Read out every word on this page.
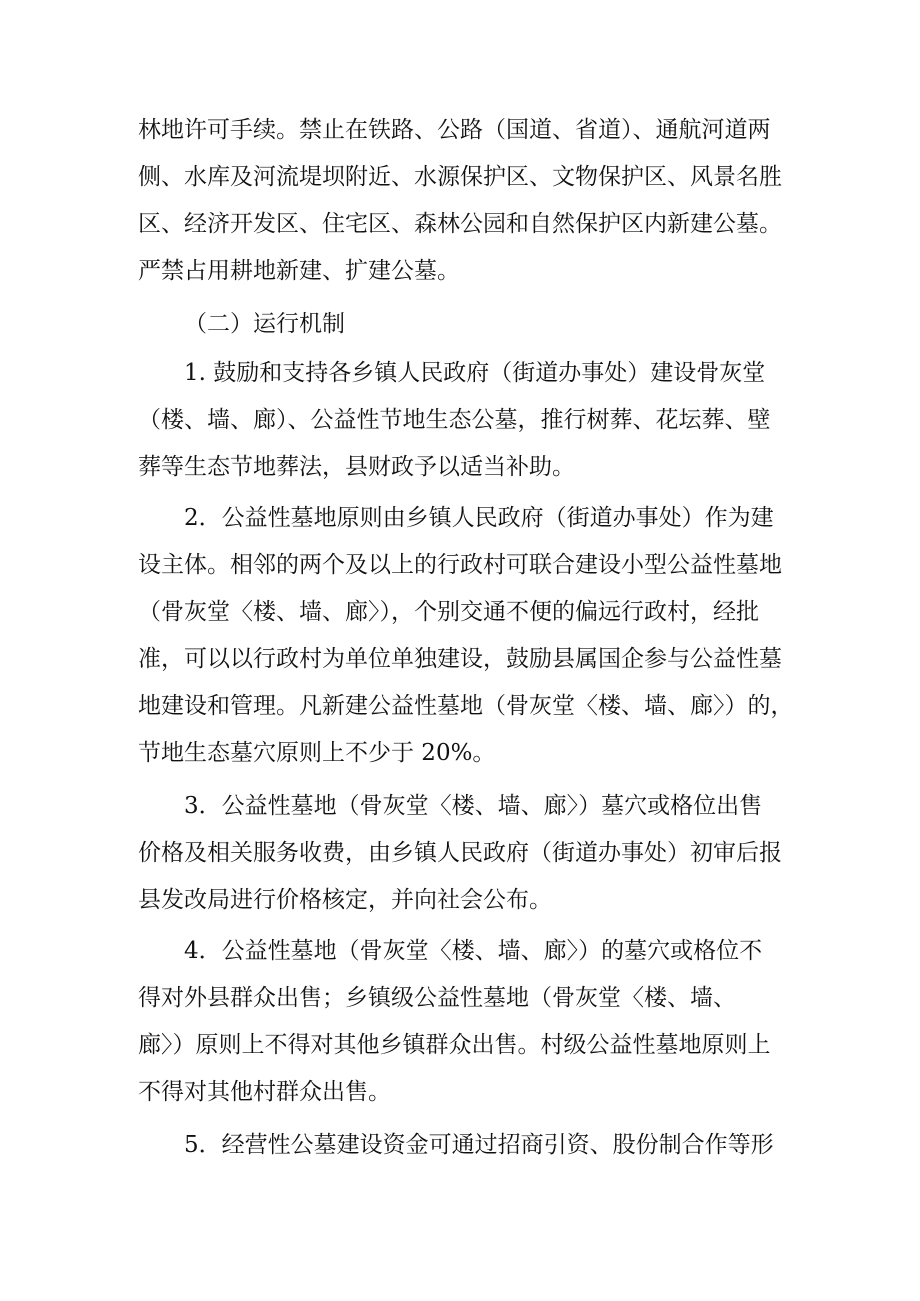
林地许可手续。禁止在铁路、公路（国道、省道）、通航河道两
侧、水库及河流堤坝附近、水源保护区、文物保护区、风景名胜
区、经济开发区、住宅区、森林公园和自然保护区内新建公墓。
严禁占用耕地新建、扩建公墓。
（二）运行机制
1. 鼓励和支持各乡镇人民政府（街道办事处）建设骨灰堂
（楼、墙、廊）、公益性节地生态公墓，推行树葬、花坛葬、壁
葬等生态节地葬法，县财政予以适当补助。
2．公益性墓地原则由乡镇人民政府（街道办事处）作为建
设主体。相邻的两个及以上的行政村可联合建设小型公益性墓地
（骨灰堂〈楼、墙、廊〉），个别交通不便的偏远行政村，经批
准，可以以行政村为单位单独建设，鼓励县属国企参与公益性墓
地建设和管理。凡新建公益性墓地（骨灰堂〈楼、墙、廊〉）的，
节地生态墓穴原则上不少于 20%。
3．公益性墓地（骨灰堂〈楼、墙、廊〉）墓穴或格位出售
价格及相关服务收费，由乡镇人民政府（街道办事处）初审后报
县发改局进行价格核定，并向社会公布。
4．公益性墓地（骨灰堂〈楼、墙、廊〉）的墓穴或格位不
得对外县群众出售；乡镇级公益性墓地（骨灰堂〈楼、墙、
廊〉）原则上不得对其他乡镇群众出售。村级公益性墓地原则上
不得对其他村群众出售。
5．经营性公墓建设资金可通过招商引资、股份制合作等形
